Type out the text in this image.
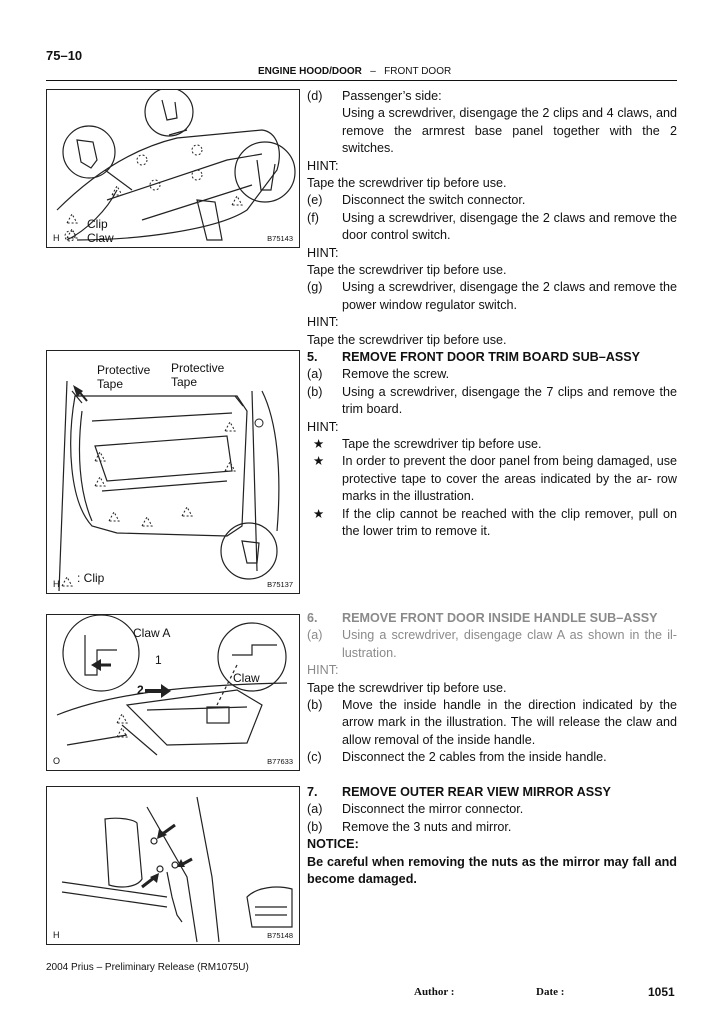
75–10
ENGINE HOOD/DOOR – FRONT DOOR
Clip
Claw
H	B75143
Protective Tape
Protective Tape
: Clip
H	B75137
Claw A
Claw
1
2
O	B77633
H	B75148
(d) Passenger’s side:
Using a screwdriver, disengage the 2 clips and 4 claws, and remove the armrest base panel together with the 2 switches.
HINT:
Tape the screwdriver tip before use.
(e) Disconnect the switch connector.
(f) Using a screwdriver, disengage the 2 claws and remove the door control switch.
HINT:
Tape the screwdriver tip before use.
(g) Using a screwdriver, disengage the 2 claws and remove the power window regulator switch.
HINT:
Tape the screwdriver tip before use.
5. REMOVE FRONT DOOR TRIM BOARD SUB–ASSY
(a) Remove the screw.
(b) Using a screwdriver, disengage the 7 clips and remove the trim board.
HINT:
★ Tape the screwdriver tip before use.
★ In order to prevent the door panel from being damaged, use protective tape to cover the areas indicated by the ar- row marks in the illustration.
★ If the clip cannot be reached with the clip remover, pull on the lower trim to remove it.
6. REMOVE FRONT DOOR INSIDE HANDLE SUB–ASSY
(a) Using a screwdriver, disengage claw A as shown in the il- lustration.
HINT:
Tape the screwdriver tip before use.
(b) Move the inside handle in the direction indicated by the arrow mark in the illustration. The will release the claw and allow removal of the inside handle.
(c) Disconnect the 2 cables from the inside handle.
7. REMOVE OUTER REAR VIEW MIRROR ASSY
(a) Disconnect the mirror connector.
(b) Remove the 3 nuts and mirror.
NOTICE:
Be careful when removing the nuts as the mirror may fall and become damaged.
2004 Prius – Preliminary Release (RM1075U)
Author :	Date :	1051
